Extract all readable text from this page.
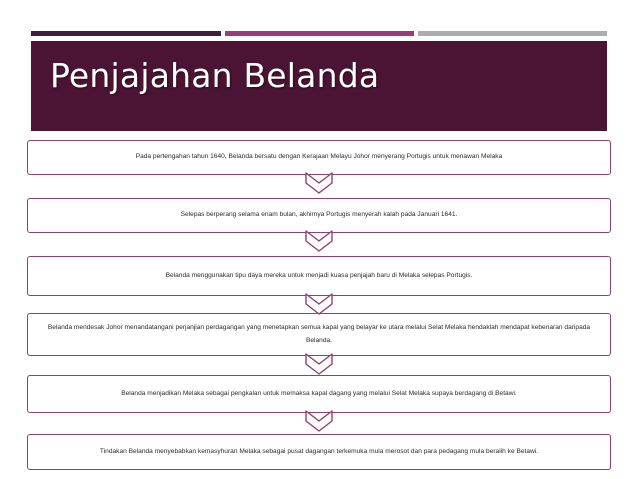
Penjajahan Belanda
Pada pertengahan tahun 1640, Belanda bersatu dengan Kerajaan Melayu Johor menyerang Portugis untuk menawan Melaka
Selepas berperang selama enam bulan, akhirnya Portugis menyerah kalah pada Januari 1641.
Belanda menggunakan tipu daya mereka untuk menjadi kuasa penjajah baru di Melaka selepas Portugis.
Belanda mendesak Johor menandatangani perjanjian perdagangan yang menetapkan semua kapal yang belayar ke utara melalui Selat Melaka hendaklah mendapat kebenaran daripada Belanda.
Belanda menjadikan Melaka sebagai pengkalan untuk memaksa kapal dagang yang melalui Selat Melaka supaya berdagang di Betawi.
Tindakan Belanda menyebabkan kemasyhuran Melaka sebagai pusat dagangan terkemuka mula merosot dan para pedagang mula beralih ke Betawi.
